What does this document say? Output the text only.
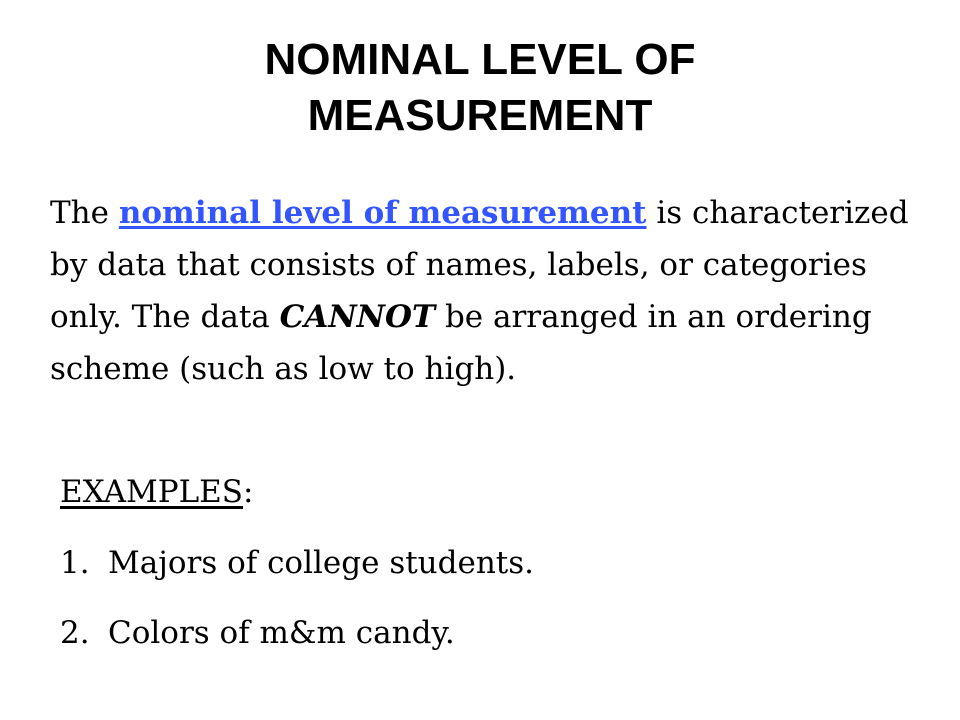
NOMINAL LEVEL OF
MEASUREMENT

The nominal level of measurement is characterized by data that consists of names, labels, or categories only. The data CANNOT be arranged in an ordering scheme (such as low to high).

EXAMPLES:

1. Majors of college students.
2. Colors of m&m candy.
